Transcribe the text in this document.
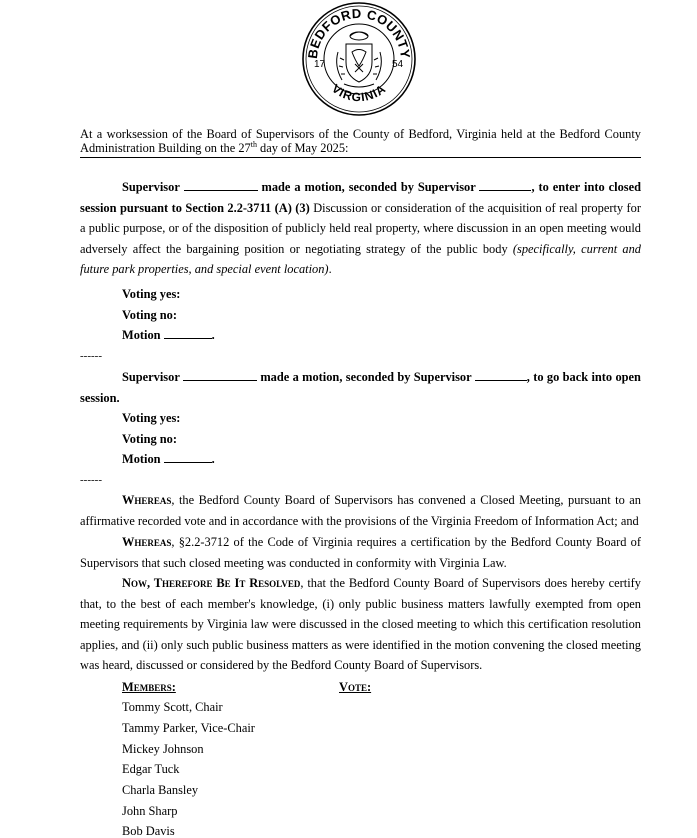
BEDFORD COUNTY
VIRGINIA
17	54
At a worksession of the Board of Supervisors of the County of Bedford, Virginia held at the Bedford County Administration Building on the 27th day of May 2025:
Supervisor	made a motion, seconded by Supervisor	, to enter into closed session pursuant to Section 2.2-3711 (A) (3) Discussion or consideration of the acquisition of real property for a public purpose, or of the disposition of publicly held real property, where discussion in an open meeting would adversely affect the bargaining position or negotiating strategy of the public body (specifically, current and future park properties, and special event location).
Voting yes:
Voting no:
Motion	.
------
Supervisor	made a motion, seconded by Supervisor	, to go back into open session.
Voting yes:
Voting no:
Motion	.
------
Whereas, the Bedford County Board of Supervisors has convened a Closed Meeting, pursuant to an affirmative recorded vote and in accordance with the provisions of the Virginia Freedom of Information Act; and
Whereas, §2.2-3712 of the Code of Virginia requires a certification by the Bedford County Board of Supervisors that such closed meeting was conducted in conformity with Virginia Law.
Now, Therefore Be It Resolved, that the Bedford County Board of Supervisors does hereby certify that, to the best of each member's knowledge, (i) only public business matters lawfully exempted from open meeting requirements by Virginia law were discussed in the closed meeting to which this certification resolution applies, and (ii) only such public business matters as were identified in the motion convening the closed meeting was heard, discussed or considered by the Bedford County Board of Supervisors.
Members:	Vote:
Tommy Scott, Chair
Tammy Parker, Vice-Chair
Mickey Johnson
Edgar Tuck
Charla Bansley
John Sharp
Bob Davis
